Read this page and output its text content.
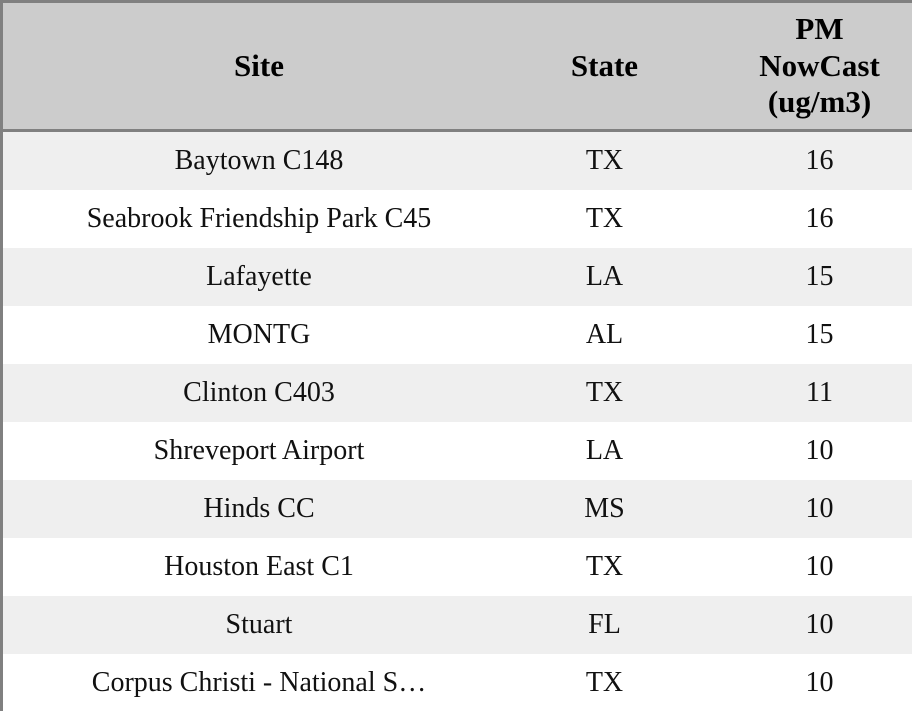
Site	State	PM
NowCast
(ug/m3)

Baytown C148	TX	16
Seabrook Friendship Park C45	TX	16
Lafayette	LA	15
MONTG	AL	15
Clinton C403	TX	11
Shreveport Airport	LA	10
Hinds CC	MS	10
Houston East C1	TX	10
Stuart	FL	10
Corpus Christi - National S…	TX	10
